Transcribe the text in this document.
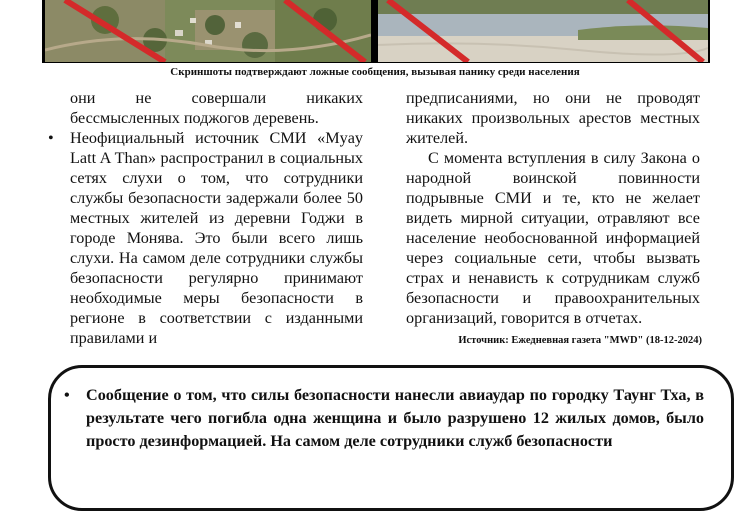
Скриншоты подтверждают ложные сообщения, вызывая панику среди населения

они не совершали никаких бессмысленных поджогов деревень.

• Неофициальный источник СМИ «Myay Latt A Than» распространил в социальных сетях слухи о том, что сотрудники службы безопасности задержали более 50 местных жителей из деревни Годжи в городе Монява. Это были всего лишь слухи. На самом деле сотрудники службы безопасности регулярно принимают необходимые меры безопасности в регионе в соответствии с изданными правилами и

предписаниями, но они не проводят никаких произвольных арестов местных жителей.

С момента вступления в силу Закона о народной воинской повинности подрывные СМИ и те, кто не желает видеть мирной ситуации, отравляют все население необоснованной информацией через социальные сети, чтобы вызвать страх и ненависть к сотрудникам служб безопасности и правоохранительных организаций, говорится в отчетах.

Источник: Ежедневная газета "MWD" (18-12-2024)
• Сообщение о том, что силы безопасности нанесли авиаудар по городку Таунг Тха, в результате чего погибла одна женщина и было разрушено 12 жилых домов, было просто дезинформацией. На самом деле сотрудники служб безопасности
